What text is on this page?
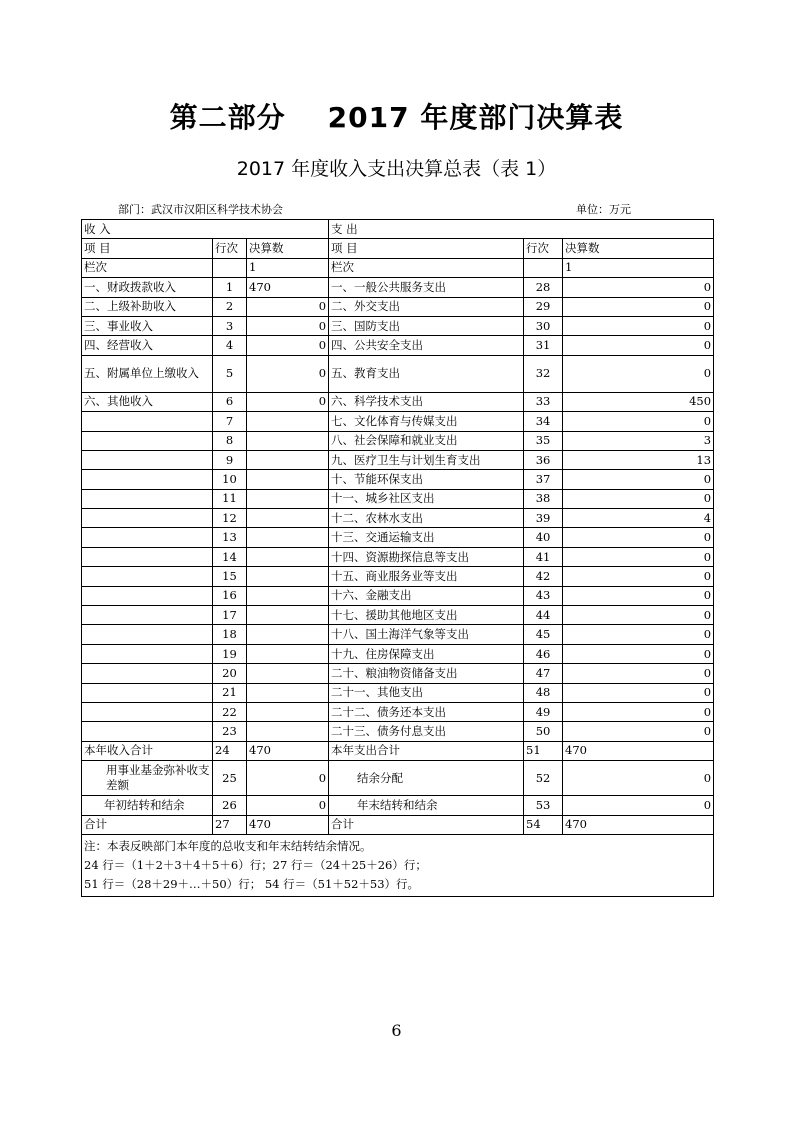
第二部分 2017 年度部门决算表
2017 年度收入支出决算总表（表 1）
部门：武汉市汉阳区科学技术协会	单位：万元
收 入			支 出		
项 目	行次	决算数	项 目	行次	决算数
栏次		1	栏次		1
一、财政拨款收入	1	470	一、一般公共服务支出	28	0
二、上级补助收入	2	0	二、外交支出	29	0
三、事业收入	3	0	三、国防支出	30	0
四、经营收入	4	0	四、公共安全支出	31	0
五、附属单位上缴收入	5	0	五、教育支出	32	0
六、其他收入	6	0	六、科学技术支出	33	450
	7		七、文化体育与传媒支出	34	0
	8		八、社会保障和就业支出	35	3
	9		九、医疗卫生与计划生育支出	36	13
	10		十、节能环保支出	37	0
	11		十一、城乡社区支出	38	0
	12		十二、农林水支出	39	4
	13		十三、交通运输支出	40	0
	14		十四、资源勘探信息等支出	41	0
	15		十五、商业服务业等支出	42	0
	16		十六、金融支出	43	0
	17		十七、援助其他地区支出	44	0
	18		十八、国土海洋气象等支出	45	0
	19		十九、住房保障支出	46	0
	20		二十、粮油物资储备支出	47	0
	21		二十一、其他支出	48	0
	22		二十二、债务还本支出	49	0
	23		二十三、债务付息支出	50	0
本年收入合计	24	470	本年支出合计	51	470
用事业基金弥补收支差额	25	0	结余分配	52	0
年初结转和结余	26	0	年末结转和结余	53	0
合计	27	470	合计	54	470

注：本表反映部门本年度的总收支和年末结转结余情况。
24 行＝（1＋2＋3＋4＋5＋6）行；27 行＝（24＋25＋26）行；
51 行＝（28＋29＋…＋50）行； 54 行＝（51＋52＋53）行。					
6
